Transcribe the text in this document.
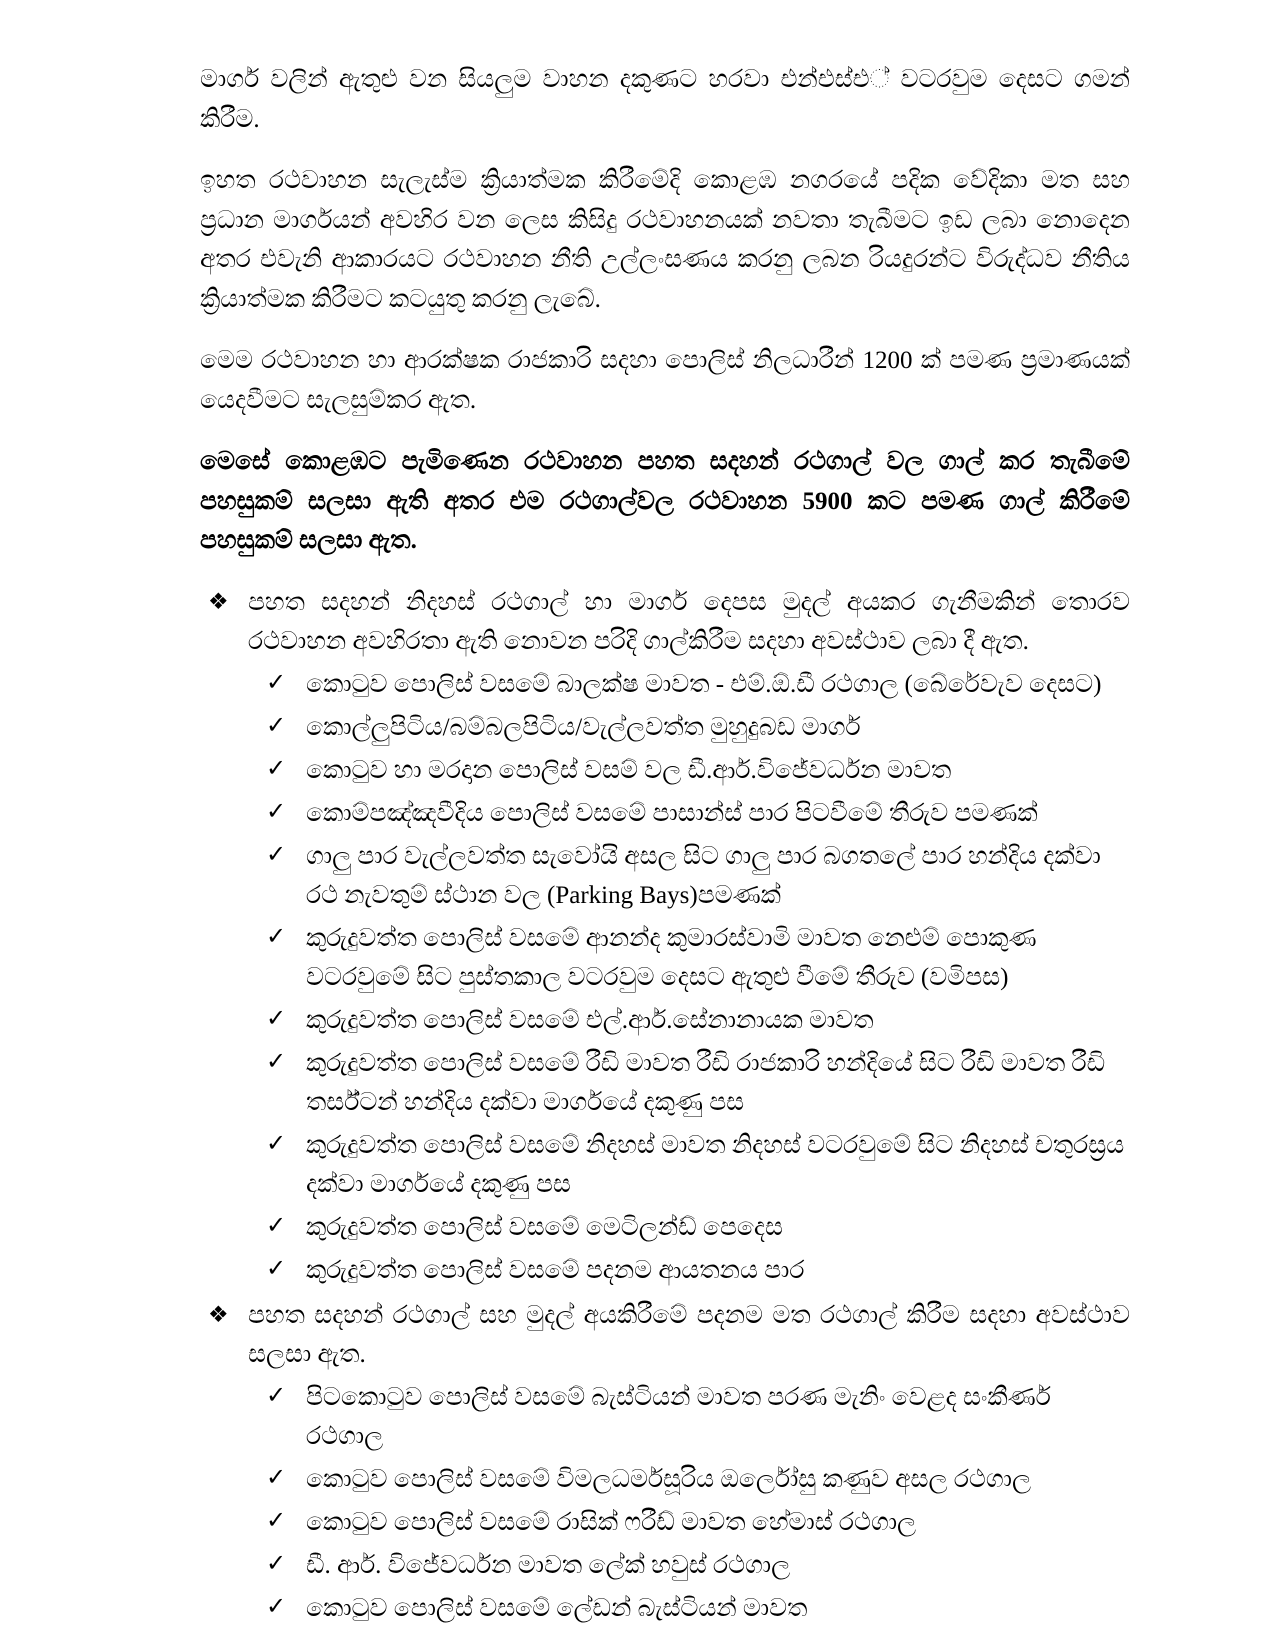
මාර්ග වලින් ඇතුළු වන සියලුම වාහන දකුණට හරවා එන්එස්එ් වටරවුම දෙසට ගමන් කිරීම.

ඉහත රථවාහන සැලැස්ම ක්‍රියාත්මක කිරීමේදි කොළඹ නගරයේ පදික වේදිකා මත සහ ප්‍රධාන මාර්ගයන් අවහිර වන ලෙස කිසිදු රථවාහනයක් නවතා තැබීමට ඉඩ ලබා නොදෙන අතර එවැනි ආකාරයට රථවාහන නීති උල්ලංසණය කරනු ලබන රියදුරන්ට විරුද්ධව නීතිය ක්‍රියාත්මක කිරීමට කටයුතු කරනු ලැබේ.

මෙම රථවාහන හා ආරක්ෂක රාජකාරි සදහා පොලිස් නිලධාරීන් 1200 ක් පමණ ප්‍රමාණයක් යෙදවීමට සැලසුම්කර ඇත.

මෙසේ කොළඹට පැමිණෙන රථවාහන පහත සදහන් රථගාල් වල ගාල් කර තැබීමේ පහසුකම් සලසා ඇති අතර එම රථගාල්වල රථවාහන 5900 කට පමණ ගාල් කිරීමේ පහසුකම් සලසා ඇත.

❖ පහත සදහන් නිදහස් රථගාල් හා මාර්ග දෙපස මුදල් අයකර ගැනීමකින් තොරව රථවාහන අවහිරතා ඇති නොවන පරිදි ගාල්කිරීම සදහා අවස්ථාව ලබා දී ඇත.
✓ කොටුව පොලිස් වසමේ බාලක්ෂ මාවත - එම්.ඕ.ඩී රථගාල (බේරේවැව දෙසට)
✓ කොල්ලුපිටිය/බම්බලපිටිය/වැල්ලවත්ත මුහුදුබඩ මාර්ග
✓ කොටුව හා මරදාන පොලිස් වසම් වල ඩී.ආර්.විජේවර්ධන මාවත
✓ කොම්පඤ්ඤවීදිය පොලිස් වසමේ පාසාන්ස් පාර පිටවීමේ තීරුව පමණක්
✓ ගාලු පාර වැල්ලවත්ත සැවෝයි අසල සිට ගාලු පාර බගතලේ පාර හන්දිය දක්වා රථ නැවතුම් ස්ථාන වල (Parking Bays)පමණක්
✓ කුරුදුවත්ත පොලිස් වසමේ ආනන්ද කුමාරස්වාමි මාවත නෙළුම් පොකුණ වටරවුමේ සිට පුස්තකාල වටරවුම දෙසට ඇතුළු වීමේ තීරුව (වමිපස)
✓ කුරුදුවත්ත පොලිස් වසමේ එල්.ආර්.සේනානායක මාවත
✓ කුරුදුවත්ත පොලිස් වසමේ රීඩි මාවත රීඩි රාජකාරි හන්දියේ සිට රීඩි මාවත රීඩි තර්ස්ටන් හන්දිය දක්වා මාර්ගයේ දකුණු පස
✓ කුරුදුවත්ත පොලිස් වසමේ නිදහස් මාවත නිදහස් වටරවුමේ සිට නිදහස් චතුරස්‍රය දක්වා මාර්ගයේ දකුණු පස
✓ කුරුදුවත්ත පොලිස් වසමේ මෙටිලන්ඩ් පෙදෙස
✓ කුරුදුවත්ත පොලිස් වසමේ පදනම ආයතනය පාර
❖ පහත සදහන් රථගාල් සහ මුදල් අයකිරීමේ පදනම මත රථගාල් කිරීම සදහා අවස්ථාව සලසා ඇත.
✓ පිටකොටුව පොලිස් වසමේ බැස්ටියන් මාවත පරණ මැනිං වෙළද සංකීර්ණ රථගාල
✓ කොටුව පොලිස් වසමේ විමලධර්මසූරිය ඔර්ලෝසු කණුව අසල රථගාල
✓ කොටුව පොලිස් වසමේ රාසික් ෆරීඩ් මාවත හේමාස් රථගාල
✓ ඩී. ආර්. විජේවර්ධන මාවත ලේක් හවුස් රථගාල
✓ කොටුව පොලිස් වසමේ ලේඩන් බැස්ටියන් මාවත
